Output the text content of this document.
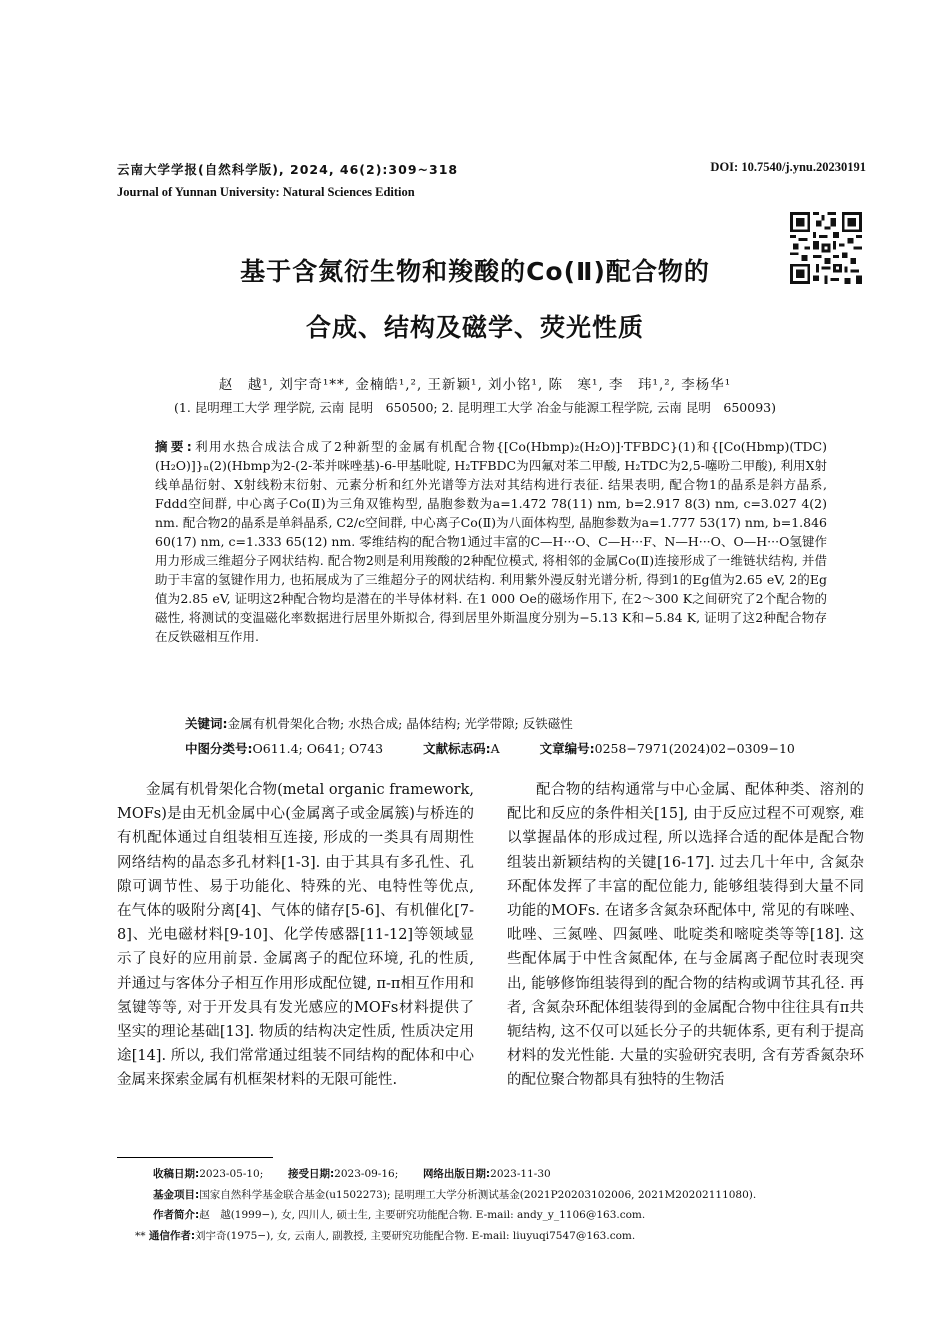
云南大学学报(自然科学版), 2024, 46(2):309~318	DOI: 10.7540/j.ynu.20230191
Journal of Yunnan University: Natural Sciences Edition
基于含氮衍生物和羧酸的Co(Ⅱ)配合物的
合成、结构及磁学、荧光性质
赵　越¹, 刘宇奇¹**, 金楠皓¹,², 王新颖¹, 刘小铭¹, 陈　寒¹, 李　玮¹,², 李杨华¹
(1. 昆明理工大学 理学院, 云南 昆明　650500; 2. 昆明理工大学 冶金与能源工程学院, 云南 昆明　650093)
摘要:利用水热合成法合成了2种新型的金属有机配合物{[Co(Hbmp)₂(H₂O)]·TFBDC}(1)和{[Co(Hbmp)(TDC)(H₂O)]}ₙ(2)(Hbmp为2-(2-苯并咪唑基)-6-甲基吡啶, H₂TFBDC为四氟对苯二甲酸, H₂TDC为2,5-噻吩二甲酸), 利用X射线单晶衍射、X射线粉末衍射、元素分析和红外光谱等方法对其结构进行表征. 结果表明, 配合物1的晶系是斜方晶系, Fddd空间群, 中心离子Co(Ⅱ)为三角双锥构型, 晶胞参数为a=1.472 78(11) nm, b=2.917 8(3) nm, c=3.027 4(2) nm. 配合物2的晶系是单斜晶系, C2/c空间群, 中心离子Co(Ⅱ)为八面体构型, 晶胞参数为a=1.777 53(17) nm, b=1.846 60(17) nm, c=1.333 65(12) nm. 零维结构的配合物1通过丰富的C—H···O、C—H···F、N—H···O、O—H···O氢键作用力形成三维超分子网状结构. 配合物2则是利用羧酸的2种配位模式, 将相邻的金属Co(Ⅱ)连接形成了一维链状结构, 并借助于丰富的氢键作用力, 也拓展成为了三维超分子的网状结构. 利用紫外漫反射光谱分析, 得到1的Eg值为2.65 eV, 2的Eg值为2.85 eV, 证明这2种配合物均是潜在的半导体材料. 在1 000 Oe的磁场作用下, 在2～300 K之间研究了2个配合物的磁性, 将测试的变温磁化率数据进行居里外斯拟合, 得到居里外斯温度分别为−5.13 K和−5.84 K, 证明了这2种配合物存在反铁磁相互作用.
关键词:金属有机骨架化合物; 水热合成; 晶体结构; 光学带隙; 反铁磁性
中图分类号:O611.4; O641; O743	文献标志码:A	文章编号:0258−7971(2024)02−0309−10

金属有机骨架化合物(metal organic framework, MOFs)是由无机金属中心(金属离子或金属簇)与桥连的有机配体通过自组装相互连接, 形成的一类具有周期性网络结构的晶态多孔材料[1-3]. 由于其具有多孔性、孔隙可调节性、易于功能化、特殊的光、电特性等优点, 在气体的吸附分离[4]、气体的储存[5-6]、有机催化[7-8]、光电磁材料[9-10]、化学传感器[11-12]等领域显示了良好的应用前景. 金属离子的配位环境, 孔的性质, 并通过与客体分子相互作用形成配位键, π-π相互作用和氢键等等, 对于开发具有发光感应的MOFs材料提供了坚实的理论基础[13]. 物质的结构决定性质, 性质决定用途[14]. 所以, 我们常常通过组装不同结构的配体和中心金属来探索金属有机框架材料的无限可能性.

配合物的结构通常与中心金属、配体种类、溶剂的配比和反应的条件相关[15], 由于反应过程不可观察, 难以掌握晶体的形成过程, 所以选择合适的配体是配合物组装出新颖结构的关键[16-17]. 过去几十年中, 含氮杂环配体发挥了丰富的配位能力, 能够组装得到大量不同功能的MOFs. 在诸多含氮杂环配体中, 常见的有咪唑、吡唑、三氮唑、四氮唑、吡啶类和嘧啶类等等[18]. 这些配体属于中性含氮配体, 在与金属离子配位时表现突出, 能够修饰组装得到的配合物的结构或调节其孔径. 再者, 含氮杂环配体组装得到的金属配合物中往往具有π共轭结构, 这不仅可以延长分子的共轭体系, 更有利于提高材料的发光性能. 大量的实验研究表明, 含有芳香氮杂环的配位聚合物都具有独特的生物活

收稿日期:2023-05-10; 接受日期:2023-09-16; 网络出版日期:2023-11-30
基金项目:国家自然科学基金联合基金(u1502273); 昆明理工大学分析测试基金(2021P20203102006, 2021M20202111080).
作者简介:赵　越(1999−), 女, 四川人, 硕士生, 主要研究功能配合物. E-mail: andy_y_1106@163.com.
** 通信作者:刘宇奇(1975−), 女, 云南人, 副教授, 主要研究功能配合物. E-mail: liuyuqi7547@163.com.
